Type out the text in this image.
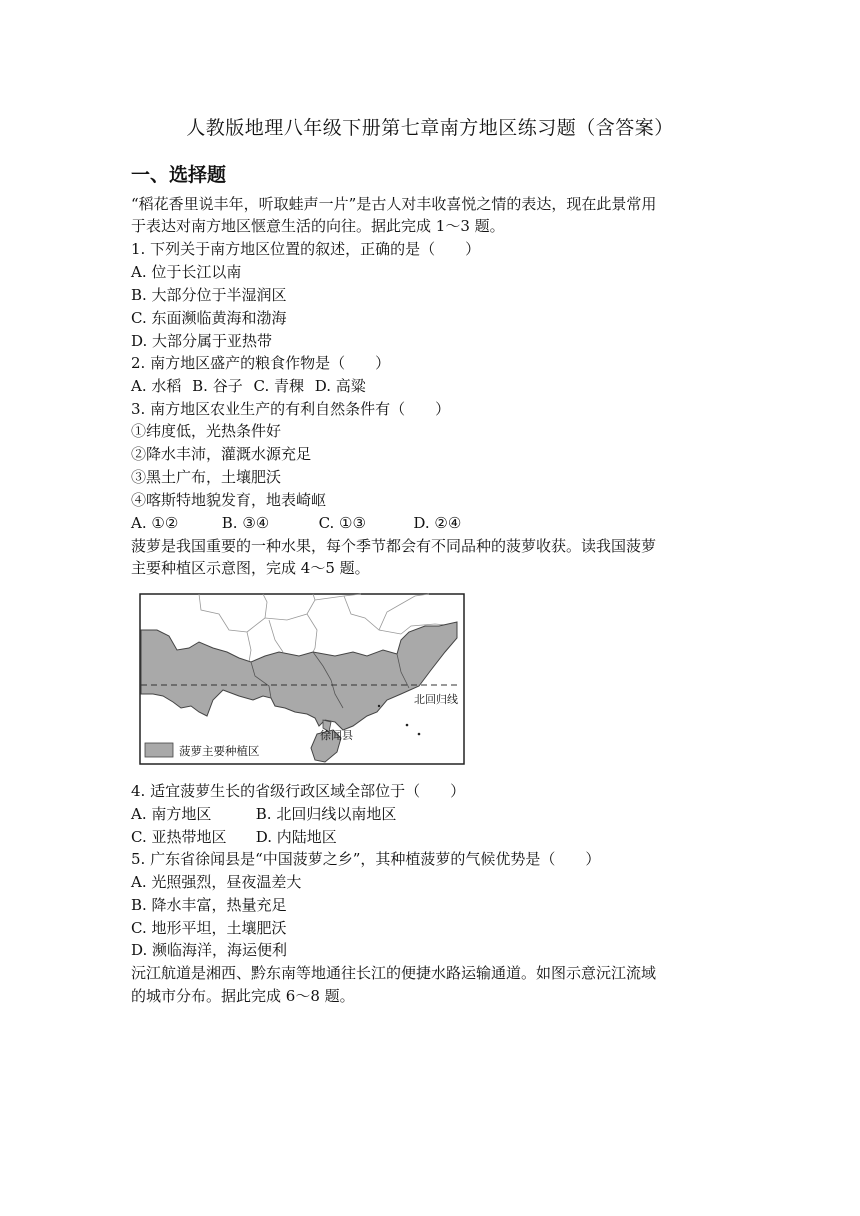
人教版地理八年级下册第七章南方地区练习题（含答案）
一、选择题
“稻花香里说丰年，听取蛙声一片”是古人对丰收喜悦之情的表达，现在此景常用
于表达对南方地区惬意生活的向往。据此完成 1～3 题。
1. 下列关于南方地区位置的叙述，正确的是（　　）
A. 位于长江以南
B. 大部分位于半湿润区
C. 东面濒临黄海和渤海
D. 大部分属于亚热带
2. 南方地区盛产的粮食作物是（　　）
A. 水稻 B. 谷子 C. 青稞 D. 高粱
3. 南方地区农业生产的有利自然条件有（　　）
①纬度低，光热条件好
②降水丰沛，灌溉水源充足
③黑土广布，土壤肥沃
④喀斯特地貌发育，地表崎岖
A. ①②	B. ③④	C. ①③	D. ②④
菠萝是我国重要的一种水果，每个季节都会有不同品种的菠萝收获。读我国菠萝
主要种植区示意图，完成 4～5 题。
北回归线
徐闻县
菠萝主要种植区
4. 适宜菠萝生长的省级行政区域全部位于（　　）
A. 南方地区	B. 北回归线以南地区
C. 亚热带地区 D. 内陆地区
5. 广东省徐闻县是“中国菠萝之乡”，其种植菠萝的气候优势是（　　）
A. 光照强烈，昼夜温差大
B. 降水丰富，热量充足
C. 地形平坦，土壤肥沃
D. 濒临海洋，海运便利
沅江航道是湘西、黔东南等地通往长江的便捷水路运输通道。如图示意沅江流域
的城市分布。据此完成 6～8 题。
